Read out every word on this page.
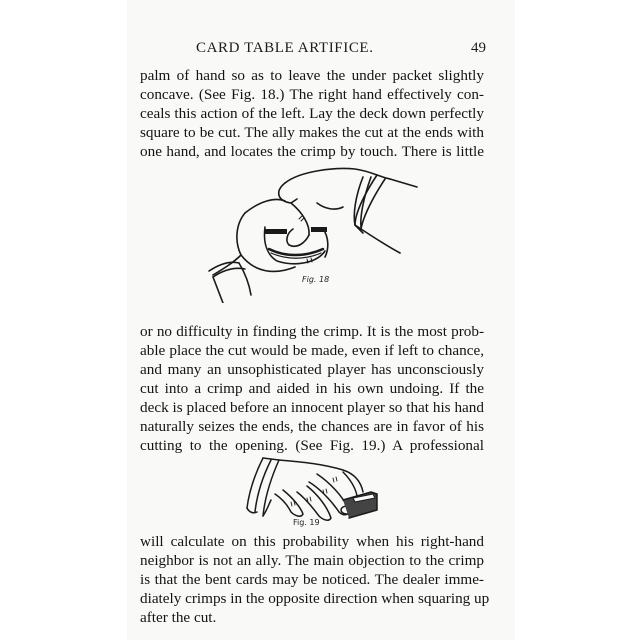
CARD TABLE ARTIFICE.	49
palm of hand so as to leave the under packet slightly
concave. (See Fig. 18.) The right hand effectively con-
ceals this action of the left. Lay the deck down perfectly
square to be cut. The ally makes the cut at the ends with
one hand, and locates the crimp by touch. There is little
Fig. 18
or no difficulty in finding the crimp. It is the most prob-
able place the cut would be made, even if left to chance,
and many an unsophisticated player has unconsciously
cut into a crimp and aided in his own undoing. If the
deck is placed before an innocent player so that his hand
naturally seizes the ends, the chances are in favor of his
cutting to the opening. (See Fig. 19.) A professional
Fig. 19
will calculate on this probability when his right-hand
neighbor is not an ally. The main objection to the crimp
is that the bent cards may be noticed. The dealer imme-
diately crimps in the opposite direction when squaring up
after the cut.
